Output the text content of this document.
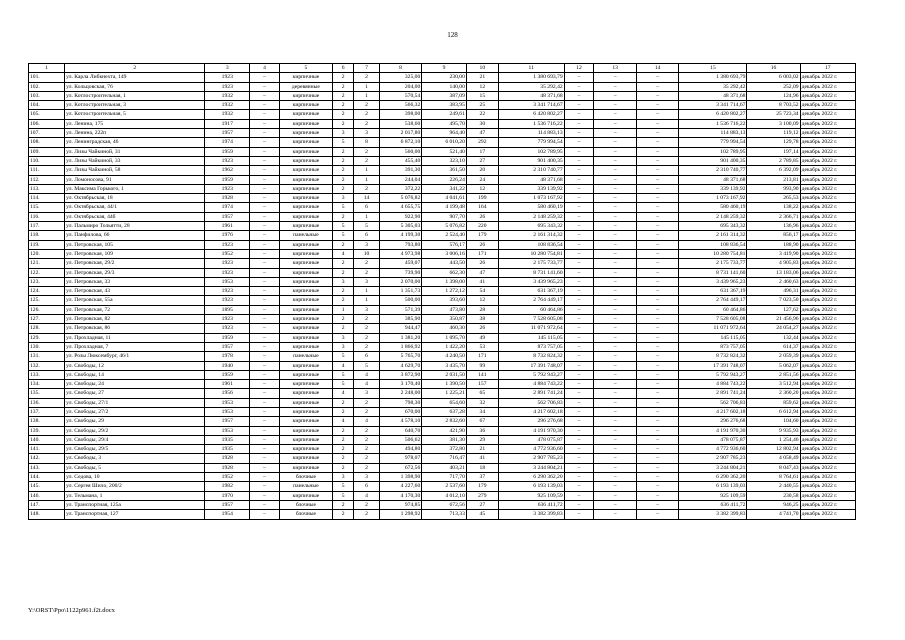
128
1	2	3	4	5	6	7	8	9	10	11	12	13	14	15	16	17
101.	ул. Карла Либкнехта, 149	1923	–	кирпичные	2	2	325,00	230,00	21	1 380 693,79	–	–	–	1 380 693,79	6 003,02	декабрь 2022 г.
102.	ул. Кольцовская, 76	1923	–	деревянные	2	1	204,00	140,00	12	35 292,42	–	–	–	35 292,42	252,09	декабрь 2022 г.
103.	ул. Котлостроительная, 1	1932	–	кирпичные	2	1	570,54	387,09	15	48 371,68	–	–	–	48 371,68	124,96	декабрь 2022 г.
104.	ул. Котлостроительная, 3	1932	–	кирпичные	2	2	566,32	383,95	25	3 341 714,67	–	–	–	3 341 714,67	8 703,52	декабрь 2022 г.
105.	ул. Котлостроительная, 5	1932	–	кирпичные	2	2	398,00	249,61	22	6 420 802,27	–	–	–	6 420 802,27	25 723,34	декабрь 2022 г.
106.	ул. Ленина, 175	1917	–	кирпичные	2	2	538,60	495,70	30	1 536 716,22	–	–	–	1 536 716,22	3 100,09	декабрь 2022 г.
107.	ул. Ленина, 222п	1957	–	кирпичные	3	3	2 017,80	964,40	47	114 883,13	–	–	–	114 883,13	119,12	декабрь 2022 г.
108.	ул. Ленинградская, 46	1974	–	кирпичные	5	8	6 872,10	6 010,20	292	779 994,54	–	–	–	779 994,54	129,78	декабрь 2022 г.
109.	ул. Лизы Чайкиной, 31	1959	–	кирпичные	2	2	560,00	521,40	17	102 789,95	–	–	–	102 789,95	197,14	декабрь 2022 г.
110.	ул. Лизы Чайкиной, 33	1923	–	кирпичные	2	2	455,40	323,10	27	901 400,35	–	–	–	901 400,35	2 789,85	декабрь 2022 г.
111.	ул. Лизы Чайкиной, 58	1962	–	кирпичные	2	1	391,30	361,50	20	2 310 740,77	–	–	–	2 310 740,77	6 392,09	декабрь 2022 г.
112.	ул. Ломоносова, 91	1959	–	кирпичные	2	1	244,04	226,24	24	48 371,68	–	–	–	48 371,68	213,81	декабрь 2022 г.
113.	ул. Максима Горького, 1	1923	–	кирпичные	2	2	372,22	341,22	12	339 139,92	–	–	–	339 139,92	993,90	декабрь 2022 г.
114.	ул. Октябрьская, 18	1928	–	кирпичные	3	14	5 076,82	4 041,61	199	1 073 167,92	–	–	–	1 073 167,92	265,53	декабрь 2022 г.
115.	ул. Октябрьская, 44/1	1974	–	кирпичные	5	6	4 655,75	4 199,48	164	580 460,19	–	–	–	580 460,19	138,22	декабрь 2022 г.
116.	ул. Октябрьская, 44б	1957	–	кирпичные	2	1	922,90	907,70	26	2 148 259,32	–	–	–	2 148 259,32	2 366,71	декабрь 2022 г.
117.	ул. Пальмиро Тольятти, 28	1961	–	кирпичные	5	5	5 305,03	5 076,82	220	695 343,32	–	–	–	695 343,32	136,96	декабрь 2022 г.
118.	ул. Панфилова, 66	1976	–	панельные	5	6	4 199,30	2 524,40	179	2 161 314,32	–	–	–	2 161 314,32	856,17	декабрь 2022 г.
119.	ул. Петровская, 105	1923	–	кирпичные	2	3	793,80	576,17	26	108 836,54	–	–	–	108 836,54	188,90	декабрь 2022 г.
120.	ул. Петровская, 109	1952	–	кирпичные	4	10	4 973,98	3 006,16	171	10 280 754,81	–	–	–	10 280 754,81	3 419,90	декабрь 2022 г.
121.	ул. Петровская, 29/2	1923	–	кирпичные	2	2	459,07	443,50	26	2 175 733,77	–	–	–	2 175 733,77	4 905,83	декабрь 2022 г.
122.	ул. Петровская, 29/3	1923	–	кирпичные	2	2	739,90	662,30	47	8 731 141,60	–	–	–	8 731 141,60	13 183,06	декабрь 2022 г.
123.	ул. Петровская, 33	1953	–	кирпичные	3	3	2 070,00	1 398,00	41	3 439 965,23	–	–	–	3 439 965,23	2 460,63	декабрь 2022 г.
124.	ул. Петровская, 43	1923	–	кирпичные	2	1	1 351,73	1 272,12	54	631 367,19	–	–	–	631 367,19	496,31	декабрь 2022 г.
125.	ул. Петровская, 55а	1923	–	кирпичные	2	1	500,00	393,60	12	2 764 449,17	–	–	–	2 764 449,17	7 023,50	декабрь 2022 г.
126.	ул. Петровская, 72	1895	–	кирпичные	1	3	571,39	473,80	28	60 464,86	–	–	–	60 464,86	127,62	декабрь 2022 г.
127.	ул. Петровская, 82	1923	–	кирпичные	2	2	385,90	350,87	38	7 528 605,08	–	–	–	7 528 605,08	21 456,96	декабрь 2022 г.
128.	ул. Петровская, 86	1923	–	кирпичные	2	2	944,47	460,30	26	11 071 972,64	–	–	–	11 071 972,64	24 054,27	декабрь 2022 г.
129.	ул. Прохладная, 11	1959	–	кирпичные	3	2	1 381,20	1 095,70	49	145 115,05	–	–	–	145 115,05	132,44	декабрь 2022 г.
130.	ул. Прохладная, 7	1957	–	кирпичные	3	2	1 866,92	1 422,20	53	873 757,05	–	–	–	873 757,05	614,37	декабрь 2022 г.
131.	ул. Розы Люксембург, 46/1	1978	–	панельные	5	6	5 765,70	4 240,50	171	8 732 824,32	–	–	–	8 732 824,32	2 059,39	декабрь 2022 г.
132.	ул. Свободы, 12	1940	–	кирпичные	4	5	4 629,70	3 435,70	99	17 391 748,07	–	–	–	17 391 748,07	5 062,07	декабрь 2022 г.
133.	ул. Свободы, 14	1959	–	кирпичные	5	4	3 872,90	2 031,50	141	5 792 943,27	–	–	–	5 792 943,27	2 851,56	декабрь 2022 г.
134.	ул. Свободы, 24	1961	–	кирпичные	5	4	3 170,40	1 390,50	157	4 884 743,22	–	–	–	4 884 743,22	3 512,94	декабрь 2022 г.
135.	ул. Свободы, 27	1956	–	кирпичные	4	3	2 248,00	1 225,21	65	2 891 741,24	–	–	–	2 891 741,24	2 360,20	декабрь 2022 г.
136.	ул. Свободы, 27/1	1953	–	кирпичные	2	2	798,30	654,60	32	562 706,83	–	–	–	562 706,83	859,62	декабрь 2022 г.
137.	ул. Свободы, 27/2	1953	–	кирпичные	2	2	670,00	637,28	34	4 217 602,18	–	–	–	4 217 602,18	6 612,94	декабрь 2022 г.
138.	ул. Свободы, 29	1957	–	кирпичные	4	4	4 578,10	2 832,60	67	296 276,68	–	–	–	296 276,68	104,60	декабрь 2022 г.
139.	ул. Свободы, 29/2	1953	–	кирпичные	2	2	640,70	421,90	36	4 191 970,30	–	–	–	4 191 970,30	9 935,93	декабрь 2022 г.
140.	ул. Свободы, 29/4	1935	–	кирпичные	2	2	506,62	381,30	29	478 075,87	–	–	–	478 075,87	1 254,46	декабрь 2022 г.
141.	ул. Свободы, 29/5	1935	–	кирпичные	2	2	494,80	372,80	21	4 772 936,60	–	–	–	4 772 936,60	12 802,94	декабрь 2022 г.
142.	ул. Свободы, 3	1928	–	кирпичные	2	2	978,07	716,47	41	2 907 785,23	–	–	–	2 907 785,23	4 058,49	декабрь 2022 г.
143.	ул. Свободы, 5	1928	–	кирпичные	2	2	672,56	403,21	18	3 244 804,21	–	–	–	3 244 804,21	8 047,43	декабрь 2022 г.
144.	ул. Седова, 10	1952	–	блочные	3	3	1 398,90	717,70	37	6 290 362,20	–	–	–	6 290 362,20	8 764,61	декабрь 2022 г.
145.	ул. Сергея Шило, 200/2	1982	–	панельные	5	6	4 227,60	2 537,60	179	6 193 139,03	–	–	–	6 193 139,03	2 440,55	декабрь 2022 г.
146.	ул. Тельмана, 1	1970	–	кирпичные	5	4	4 170,30	4 012,10	279	925 109,59	–	–	–	925 109,59	230,58	декабрь 2022 г.
147.	ул. Транспортная, 125а	1957	–	блочные	2	2	974,85	672,56	27	636 411,72	–	–	–	636 411,72	946,25	декабрь 2022 г.
148.	ул. Транспортная, 127	1954	–	блочные	2	2	1 298,92	713,33	45	3 382 399,83	–	–	–	3 382 399,83	4 741,70	декабрь 2022 г.
Y:\ORST\Ppo\1122p961.f2t.docx
